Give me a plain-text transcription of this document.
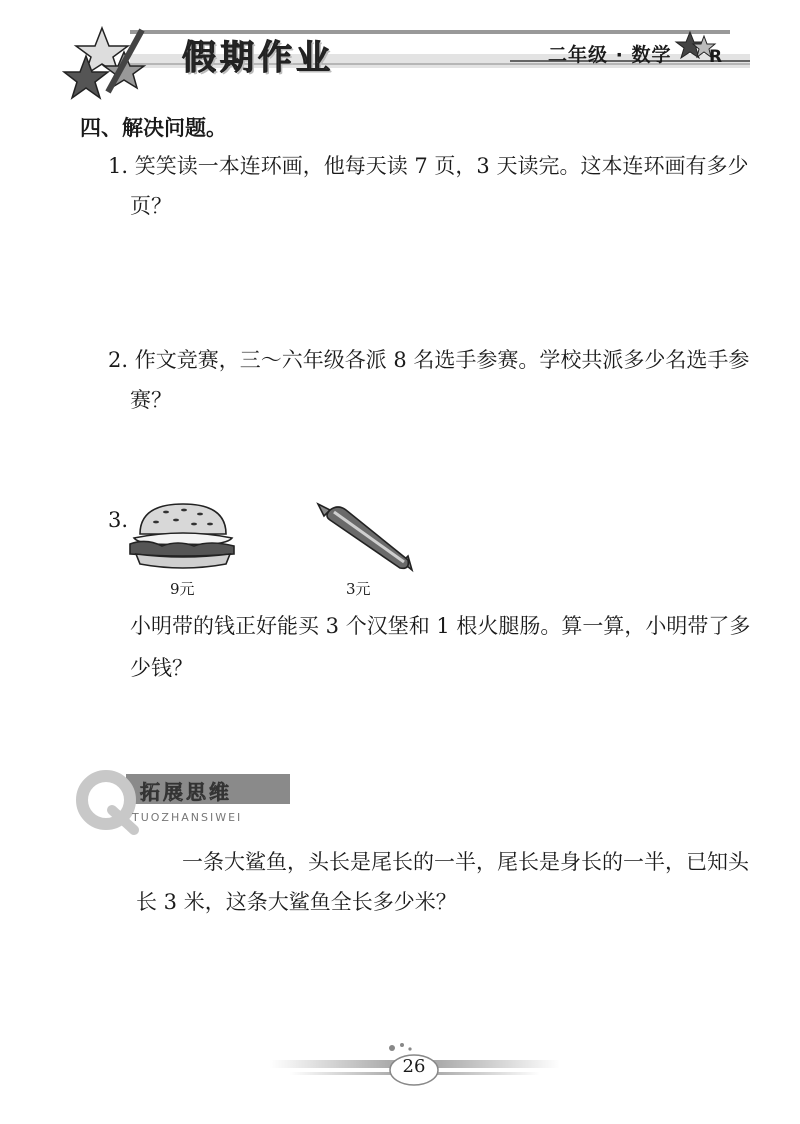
假期作业	二年级 · 数学 R
四、解决问题。
1. 笑笑读一本连环画，他每天读 7 页，3 天读完。这本连环画有多少
页？
2. 作文竞赛，三～六年级各派 8 名选手参赛。学校共派多少名选手参
赛？
3.
9元	3元
小明带的钱正好能买 3 个汉堡和 1 根火腿肠。算一算，小明带了多
少钱？
拓展思维
TUOZHANSIWEI
一条大鲨鱼，头长是尾长的一半，尾长是身长的一半，已知头
长 3 米，这条大鲨鱼全长多少米？
26
